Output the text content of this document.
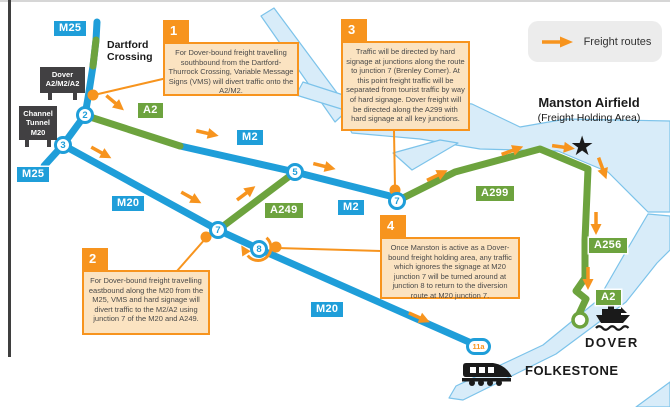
Freight routes
M25
A2
M25
M2
M2
M20
A249
M20
A299
A256
A2
2
3
5
7
7
8
11a
Dover
A2/M2/A2
Channel
Tunnel
M20
Dartford Crossing
Manston Airfield
(Freight Holding Area)
★
DOVER
FOLKESTONE
1
For Dover-bound freight travelling southbound from the Dartford-Thurrock Crossing, Variable Message Signs (VMS) will divert traffic onto the A2/M2.
2
For Dover-bound freight travelling eastbound along the M20 from the M25, VMS and hard signage will divert traffic to the M2/A2 using junction 7 of the M20 and A249.
3
Traffic will be directed by hard signage at junctions along the route to junction 7 (Brenley Corner). At this point freight traffic will be separated from tourist traffic by way of hard signage. Dover freight will be directed along the A299 with hard signage at all key junctions.
4
Once Manston is active as a Dover-bound freight holding area, any traffic which ignores the signage at M20 junction 7 will be turned around at junction 8 to return to the diversion route at M20 junction 7.
